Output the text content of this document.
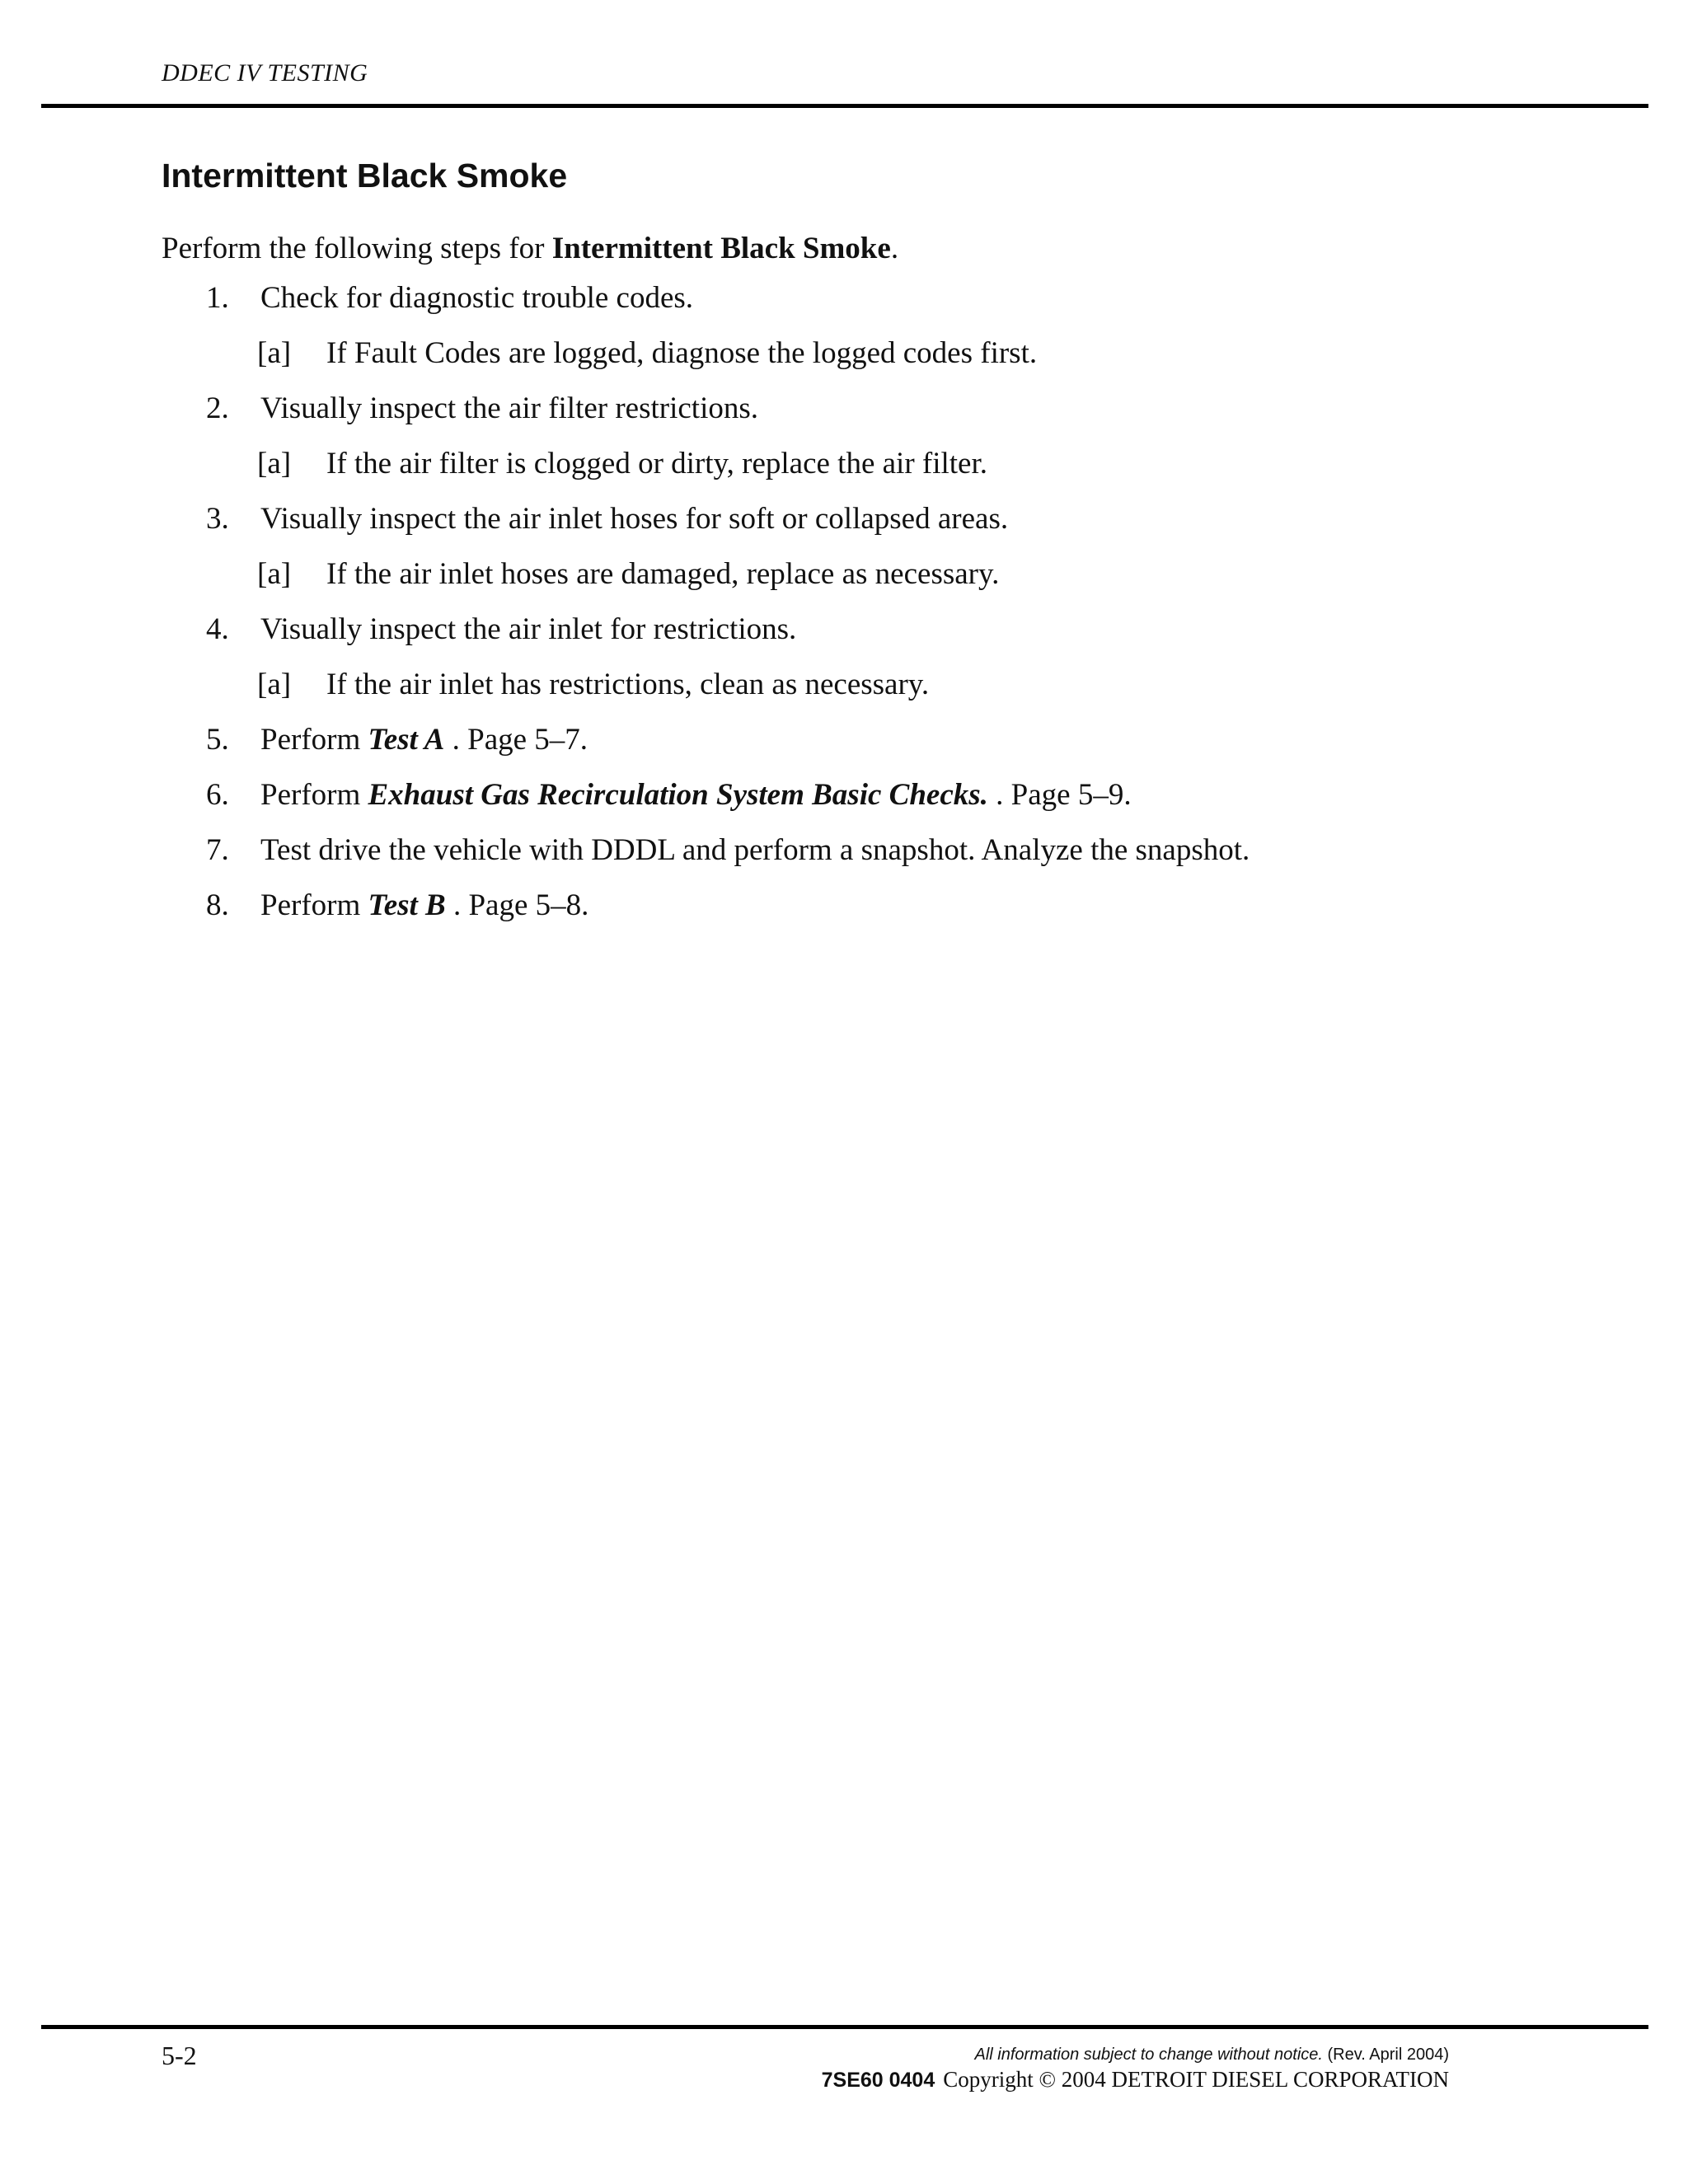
DDEC IV TESTING
Intermittent Black Smoke

Perform the following steps for Intermittent Black Smoke.

1. Check for diagnostic trouble codes.
[a] If Fault Codes are logged, diagnose the logged codes first.
2. Visually inspect the air filter restrictions.
[a] If the air filter is clogged or dirty, replace the air filter.
3. Visually inspect the air inlet hoses for soft or collapsed areas.
[a] If the air inlet hoses are damaged, replace as necessary.
4. Visually inspect the air inlet for restrictions.
[a] If the air inlet has restrictions, clean as necessary.
5. Perform Test A . Page 5–7.
6. Perform Exhaust Gas Recirculation System Basic Checks. . Page 5–9.
7. Test drive the vehicle with DDDL and perform a snapshot. Analyze the snapshot.
8. Perform Test B . Page 5–8.
5-2	All information subject to change without notice. (Rev. April 2004)
7SE60 0404 Copyright © 2004 DETROIT DIESEL CORPORATION
